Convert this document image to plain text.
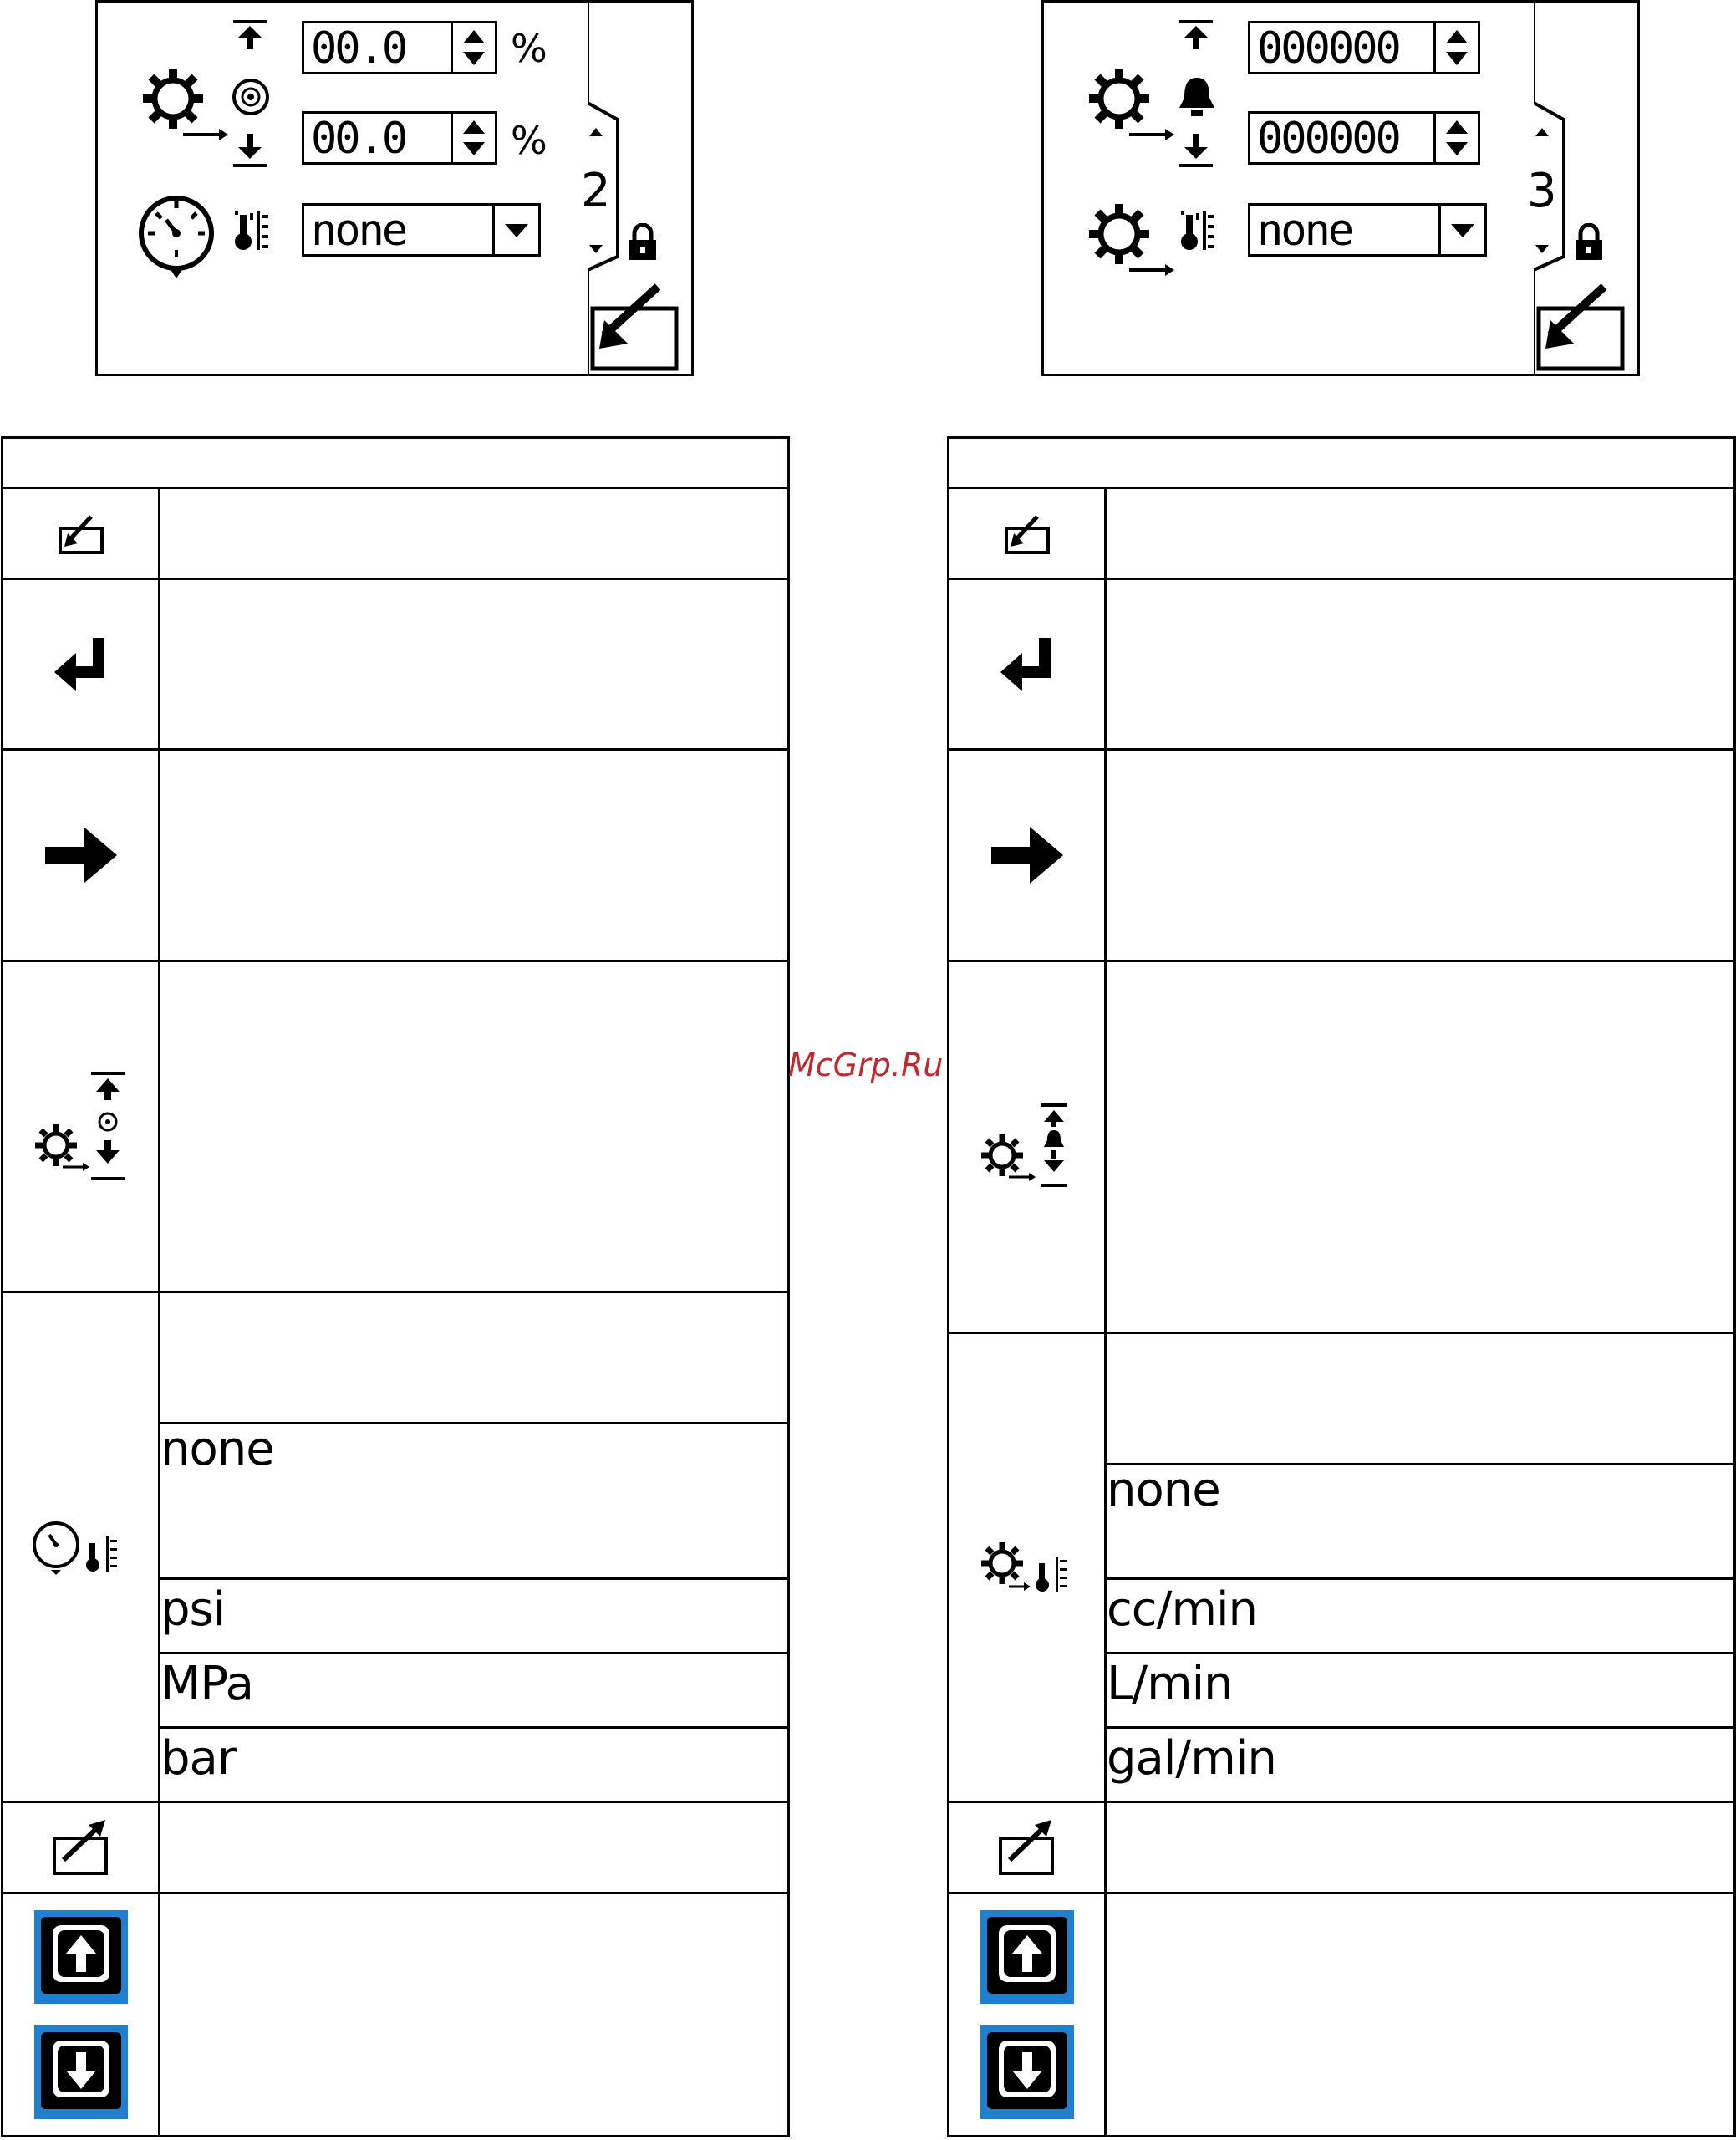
00.0	%
00.0	%
none
2
000000
000000
none
3

	none
	psi
	MPa
	bar

	none
	cc/min
	L/min
	gal/min

McGrp.Ru
